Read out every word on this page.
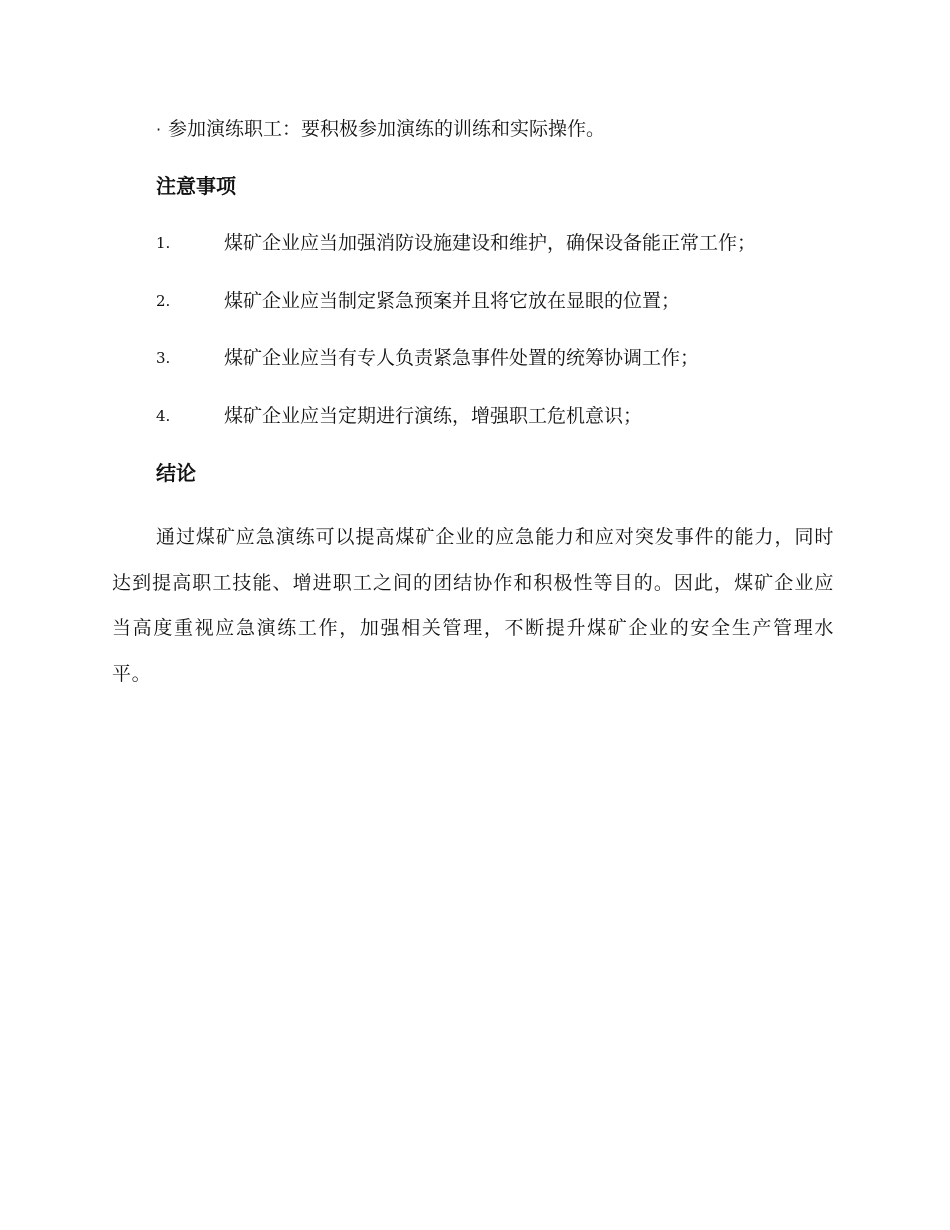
· 参加演练职工：要积极参加演练的训练和实际操作。
注意事项
1.	煤矿企业应当加强消防设施建设和维护，确保设备能正常工作；
2.	煤矿企业应当制定紧急预案并且将它放在显眼的位置；
3.	煤矿企业应当有专人负责紧急事件处置的统筹协调工作；
4.	煤矿企业应当定期进行演练，增强职工危机意识；
结论
通过煤矿应急演练可以提高煤矿企业的应急能力和应对突发事件的能力，同时达到提高职工技能、增进职工之间的团结协作和积极性等目的。因此，煤矿企业应当高度重视应急演练工作，加强相关管理，不断提升煤矿企业的安全生产管理水平。
